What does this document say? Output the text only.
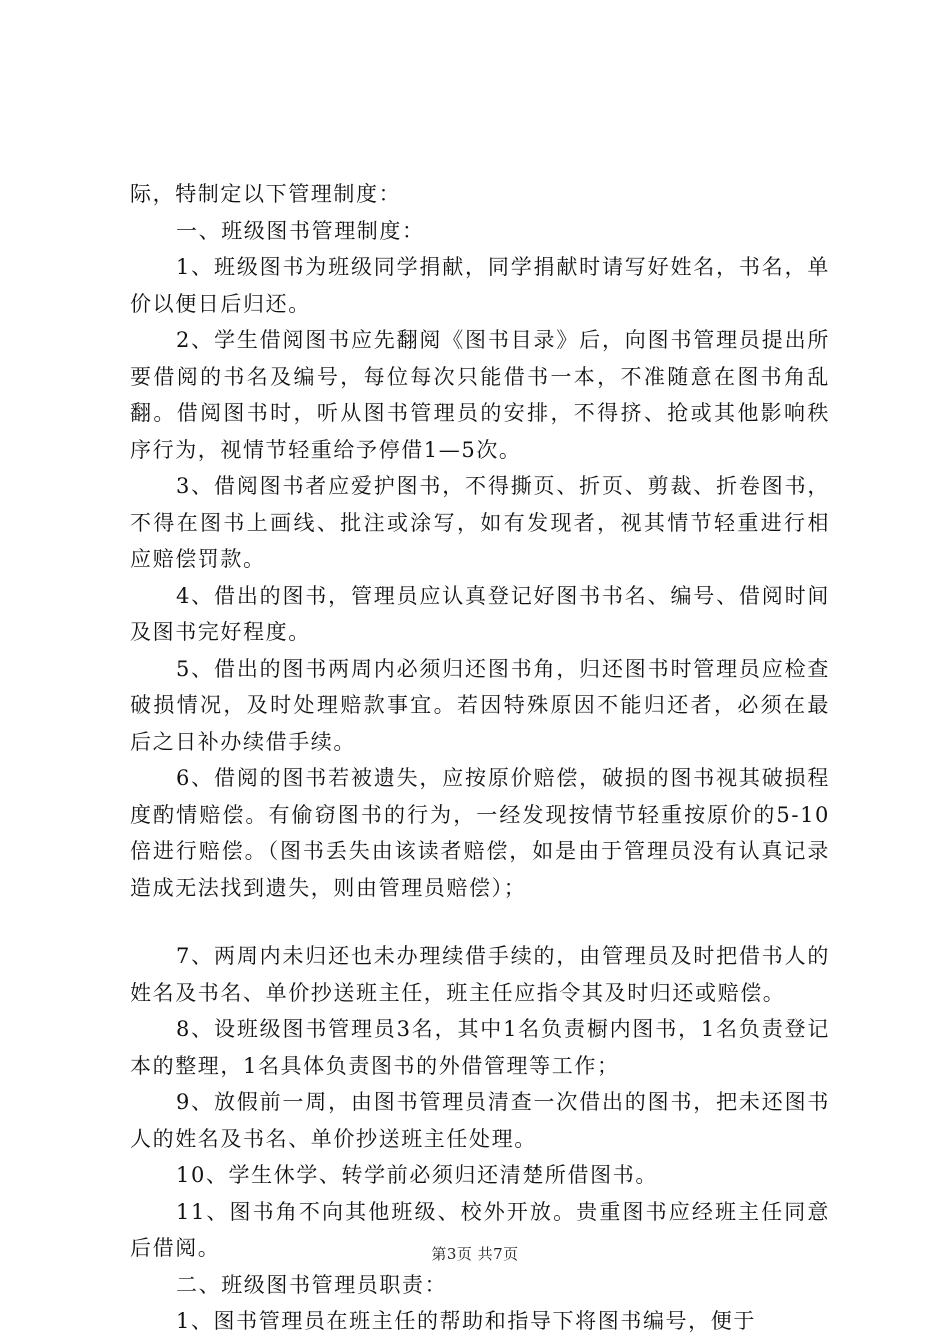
际，特制定以下管理制度：

一、班级图书管理制度：

1、班级图书为班级同学捐献，同学捐献时请写好姓名，书名，单价以便日后归还。

2、学生借阅图书应先翻阅《图书目录》后，向图书管理员提出所要借阅的书名及编号，每位每次只能借书一本，不准随意在图书角乱翻。借阅图书时，听从图书管理员的安排，不得挤、抢或其他影响秩序行为，视情节轻重给予停借1—5次。

3、借阅图书者应爱护图书，不得撕页、折页、剪裁、折卷图书，不得在图书上画线、批注或涂写，如有发现者，视其情节轻重进行相应赔偿罚款。

4、借出的图书，管理员应认真登记好图书书名、编号、借阅时间及图书完好程度。

5、借出的图书两周内必须归还图书角，归还图书时管理员应检查破损情况，及时处理赔款事宜。若因特殊原因不能归还者，必须在最后之日补办续借手续。

6、借阅的图书若被遗失，应按原价赔偿，破损的图书视其破损程度酌情赔偿。有偷窃图书的行为，一经发现按情节轻重按原价的5-10倍进行赔偿。（图书丢失由该读者赔偿，如是由于管理员没有认真记录造成无法找到遗失，则由管理员赔偿）；

7、两周内未归还也未办理续借手续的，由管理员及时把借书人的姓名及书名、单价抄送班主任，班主任应指令其及时归还或赔偿。

8、设班级图书管理员3名，其中1名负责橱内图书，1名负责登记本的整理，1名具体负责图书的外借管理等工作；

9、放假前一周，由图书管理员清查一次借出的图书，把未还图书人的姓名及书名、单价抄送班主任处理。

10、学生休学、转学前必须归还清楚所借图书。

11、图书角不向其他班级、校外开放。贵重图书应经班主任同意后借阅。

二、班级图书管理员职责：

1、图书管理员在班主任的帮助和指导下将图书编号，便于

第3页 共7页
